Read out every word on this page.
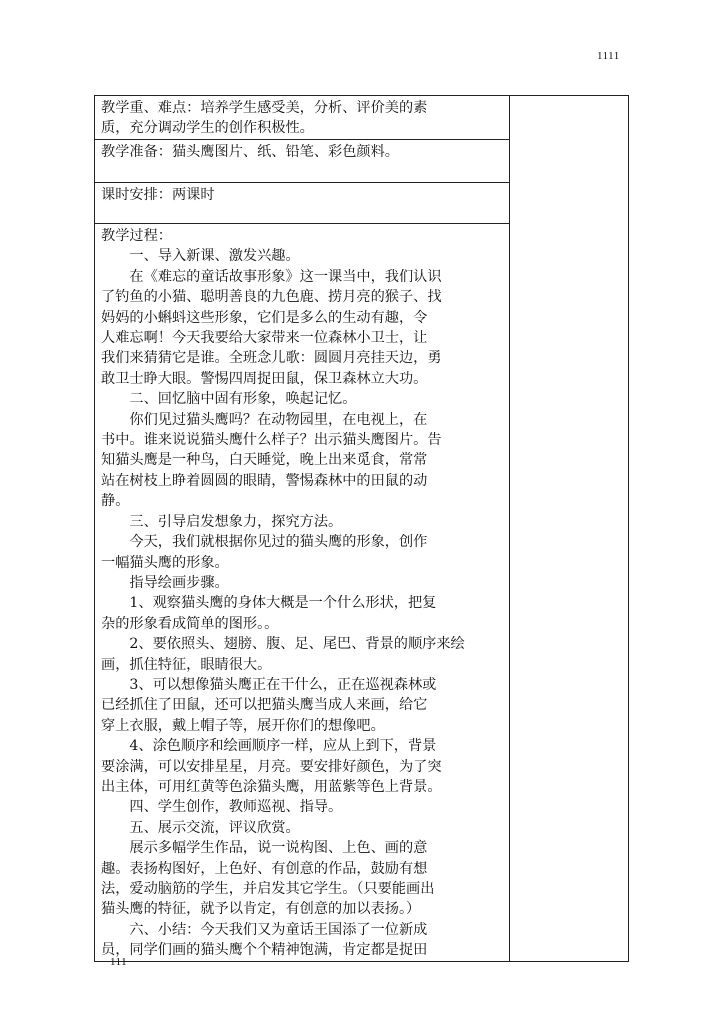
1111
教学重、难点：培养学生感受美，分析、评价美的素
质，充分调动学生的创作积极性。

教学准备：猫头鹰图片、纸、铅笔、彩色颜料。
课时安排：两课时

教学过程：
　　一、导入新课、激发兴趣。
　　在《难忘的童话故事形象》这一课当中，我们认识
了钓鱼的小猫、聪明善良的九色鹿、捞月亮的猴子、找
妈妈的小蝌蚪这些形象，它们是多么的生动有趣，令
人难忘啊！今天我要给大家带来一位森林小卫士，让
我们来猜猜它是谁。全班念儿歌：圆圆月亮挂天边，勇
敢卫士睁大眼。警惕四周捉田鼠，保卫森林立大功。
　　二、回忆脑中固有形象，唤起记忆。
　　你们见过猫头鹰吗？在动物园里，在电视上，在
书中。谁来说说猫头鹰什么样子？出示猫头鹰图片。告
知猫头鹰是一种鸟，白天睡觉，晚上出来觅食，常常
站在树枝上睁着圆圆的眼睛，警惕森林中的田鼠的动
静。
　　三、引导启发想象力，探究方法。
　　今天，我们就根据你见过的猫头鹰的形象，创作
一幅猫头鹰的形象。
　　指导绘画步骤。
　　1、观察猫头鹰的身体大概是一个什么形状，把复
杂的形象看成简单的图形。。
　　2、要依照头、翅膀、腹、足、尾巴、背景的顺序来绘
画，抓住特征，眼睛很大。
　　3、可以想像猫头鹰正在干什么，正在巡视森林或
已经抓住了田鼠，还可以把猫头鹰当成人来画，给它
穿上衣服，戴上帽子等，展开你们的想像吧。
　　4、涂色顺序和绘画顺序一样，应从上到下，背景
要涂满，可以安排星星，月亮。要安排好颜色，为了突
出主体，可用红黄等色涂猫头鹰，用蓝紫等色上背景。
　　四、学生创作，教师巡视、指导。
　　五、展示交流，评议欣赏。
　　展示多幅学生作品，说一说构图、上色、画的意
趣。表扬构图好，上色好、有创意的作品，鼓励有想
法，爱动脑筋的学生，并启发其它学生。（只要能画出
猫头鹰的特征，就予以肯定，有创意的加以表扬。）
　　六、小结：今天我们又为童话王国添了一位新成
员，同学们画的猫头鹰个个精神饱满，肯定都是捉田
111
